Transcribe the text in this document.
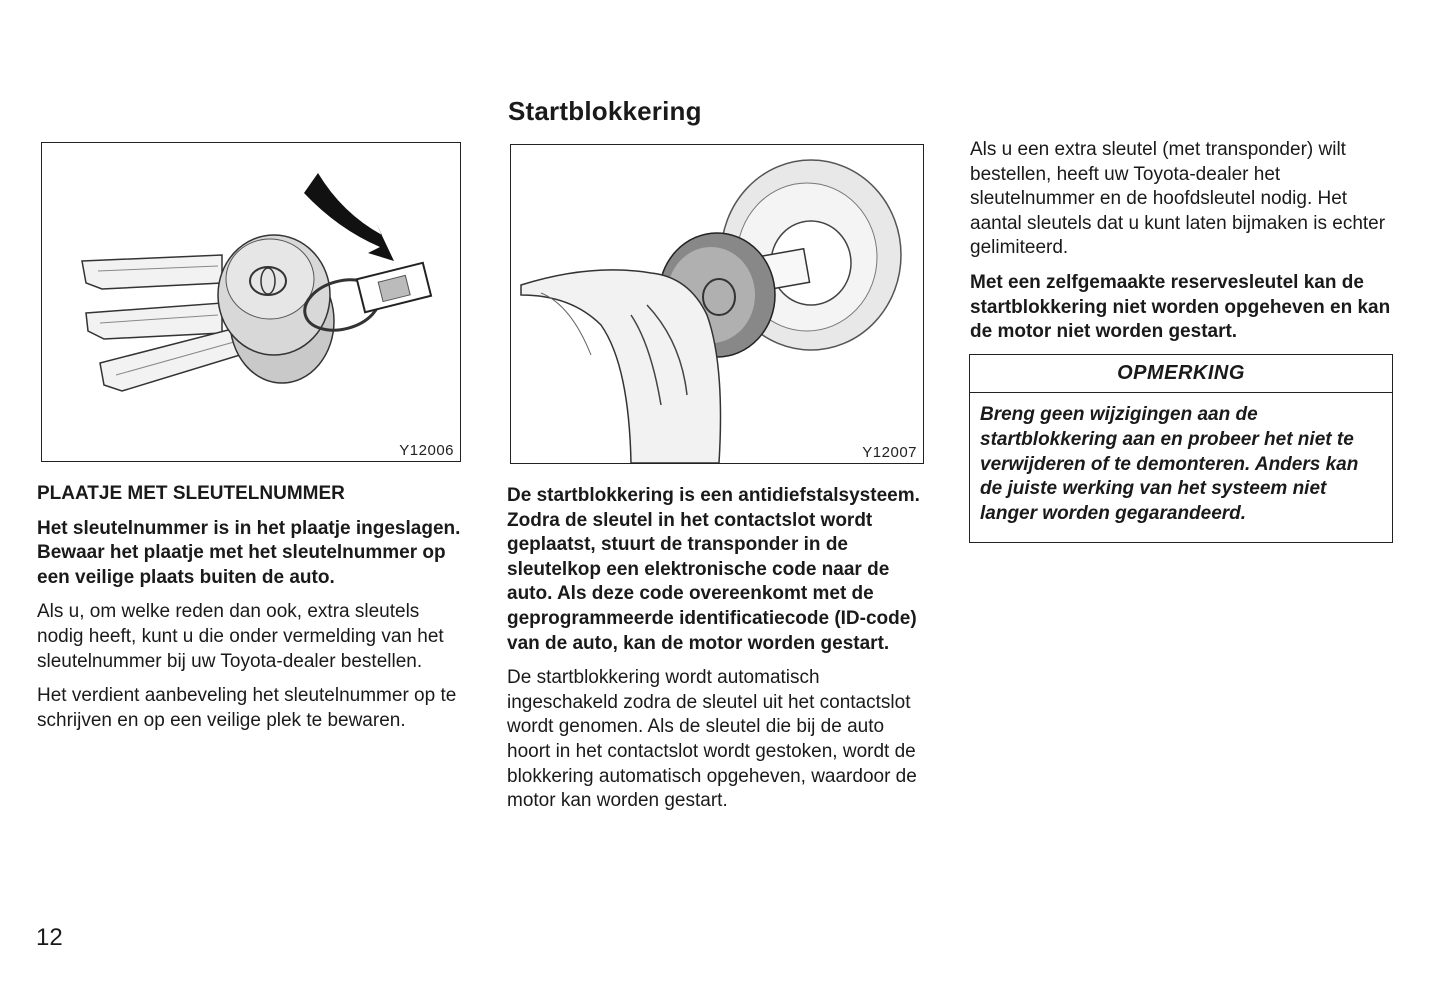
Startblokkering
Y12006	Y12007

PLAATJE MET SLEUTELNUMMER

Het sleutelnummer is in het plaatje ingeslagen. Bewaar het plaatje met het sleutelnummer op een veilige plaats buiten de auto.

Als u, om welke reden dan ook, extra sleutels nodig heeft, kunt u die onder vermelding van het sleutelnummer bij uw Toyota-dealer bestellen.

Het verdient aanbeveling het sleutelnummer op te schrijven en op een veilige plek te bewaren.

De startblokkering is een antidiefstalsysteem. Zodra de sleutel in het contactslot wordt geplaatst, stuurt de transponder in de sleutelkop een elektronische code naar de auto. Als deze code overeenkomt met de geprogrammeerde identificatiecode (ID-code) van de auto, kan de motor worden gestart.

De startblokkering wordt automatisch ingeschakeld zodra de sleutel uit het contactslot wordt genomen. Als de sleutel die bij de auto hoort in het contactslot wordt gestoken, wordt de blokkering automatisch opgeheven, waardoor de motor kan worden gestart.

Als u een extra sleutel (met transponder) wilt bestellen, heeft uw Toyota-dealer het sleutelnummer en de hoofdsleutel nodig. Het aantal sleutels dat u kunt laten bijmaken is echter gelimiteerd.

Met een zelfgemaakte reservesleutel kan de startblokkering niet worden opgeheven en kan de motor niet worden gestart.

OPMERKING
Breng geen wijzigingen aan de startblokkering aan en probeer het niet te verwijderen of te demonteren. Anders kan de juiste werking van het systeem niet langer worden gegarandeerd.
12
